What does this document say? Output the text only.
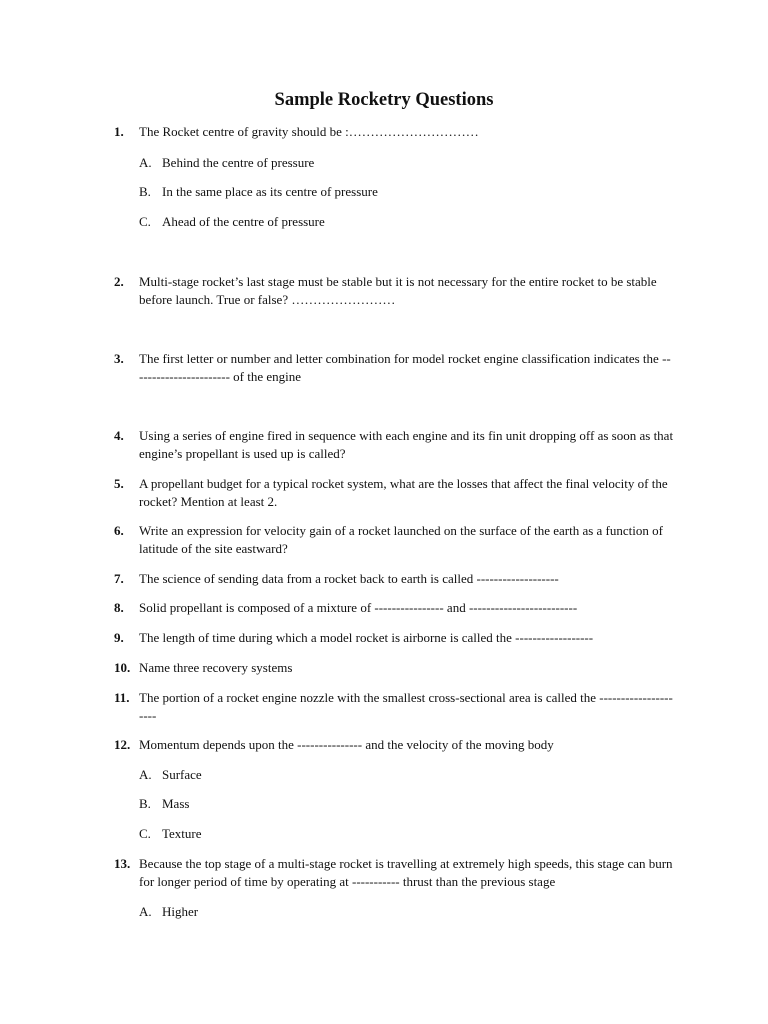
Sample Rocketry Questions
1. The Rocket centre of gravity should be :…………………………
A. Behind the centre of pressure
B. In the same place as its centre of pressure
C. Ahead of the centre of pressure
2. Multi-stage rocket’s last stage must be stable but it is not necessary for the entire rocket to be stable before launch. True or false? ……………………
3. The first letter or number and letter combination for model rocket engine classification indicates the ----------------------- of the engine
4. Using a series of engine fired in sequence with each engine and its fin unit dropping off as soon as that engine’s propellant is used up is called?
5. A propellant budget for a typical rocket system, what are the losses that affect the final velocity of the rocket? Mention at least 2.
6. Write an expression for velocity gain of a rocket launched on the surface of the earth as a function of latitude of the site eastward?
7. The science of sending data from a rocket back to earth is called -------------------
8. Solid propellant is composed of a mixture of ---------------- and -------------------------
9. The length of time during which a model rocket is airborne is called the ------------------
10. Name three recovery systems
11. The portion of a rocket engine nozzle with the smallest cross-sectional area is called the ---------------------
12. Momentum depends upon the --------------- and the velocity of the moving body
A. Surface
B. Mass
C. Texture
13. Because the top stage of a multi-stage rocket is travelling at extremely high speeds, this stage can burn for longer period of time by operating at ----------- thrust than the previous stage
A. Higher
